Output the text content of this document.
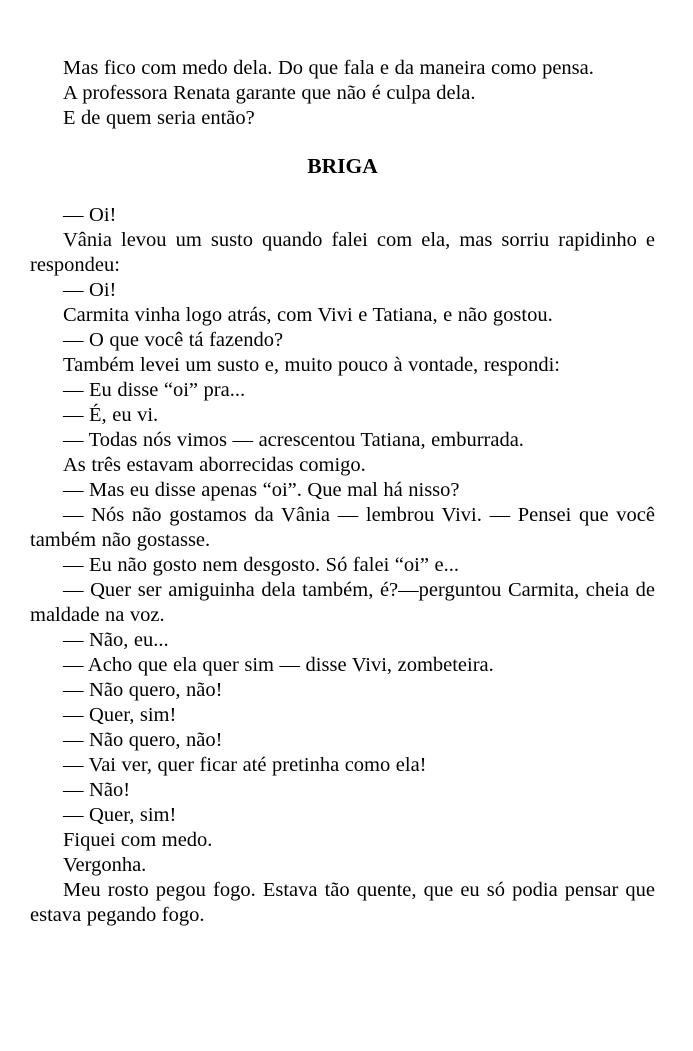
Mas fico com medo dela. Do que fala e da maneira como pensa.

A professora Renata garante que não é culpa dela.

E de quem seria então?

BRIGA

— Oi!

Vânia levou um susto quando falei com ela, mas sorriu rapidinho e respondeu:

— Oi!

Carmita vinha logo atrás, com Vivi e Tatiana, e não gostou.

— O que você tá fazendo?

Também levei um susto e, muito pouco à vontade, respondi:

— Eu disse “oi” pra...

— É, eu vi.

— Todas nós vimos — acrescentou Tatiana, emburrada.

As três estavam aborrecidas comigo.

— Mas eu disse apenas “oi”. Que mal há nisso?

— Nós não gostamos da Vânia — lembrou Vivi. — Pensei que você também não gostasse.

— Eu não gosto nem desgosto. Só falei “oi” e...

— Quer ser amiguinha dela também, é?—perguntou Carmita, cheia de maldade na voz.

— Não, eu...

— Acho que ela quer sim — disse Vivi, zombeteira.

— Não quero, não!

— Quer, sim!

— Não quero, não!

— Vai ver, quer ficar até pretinha como ela!

— Não!

— Quer, sim!

Fiquei com medo.

Vergonha.

Meu rosto pegou fogo. Estava tão quente, que eu só podia pensar que estava pegando fogo.
